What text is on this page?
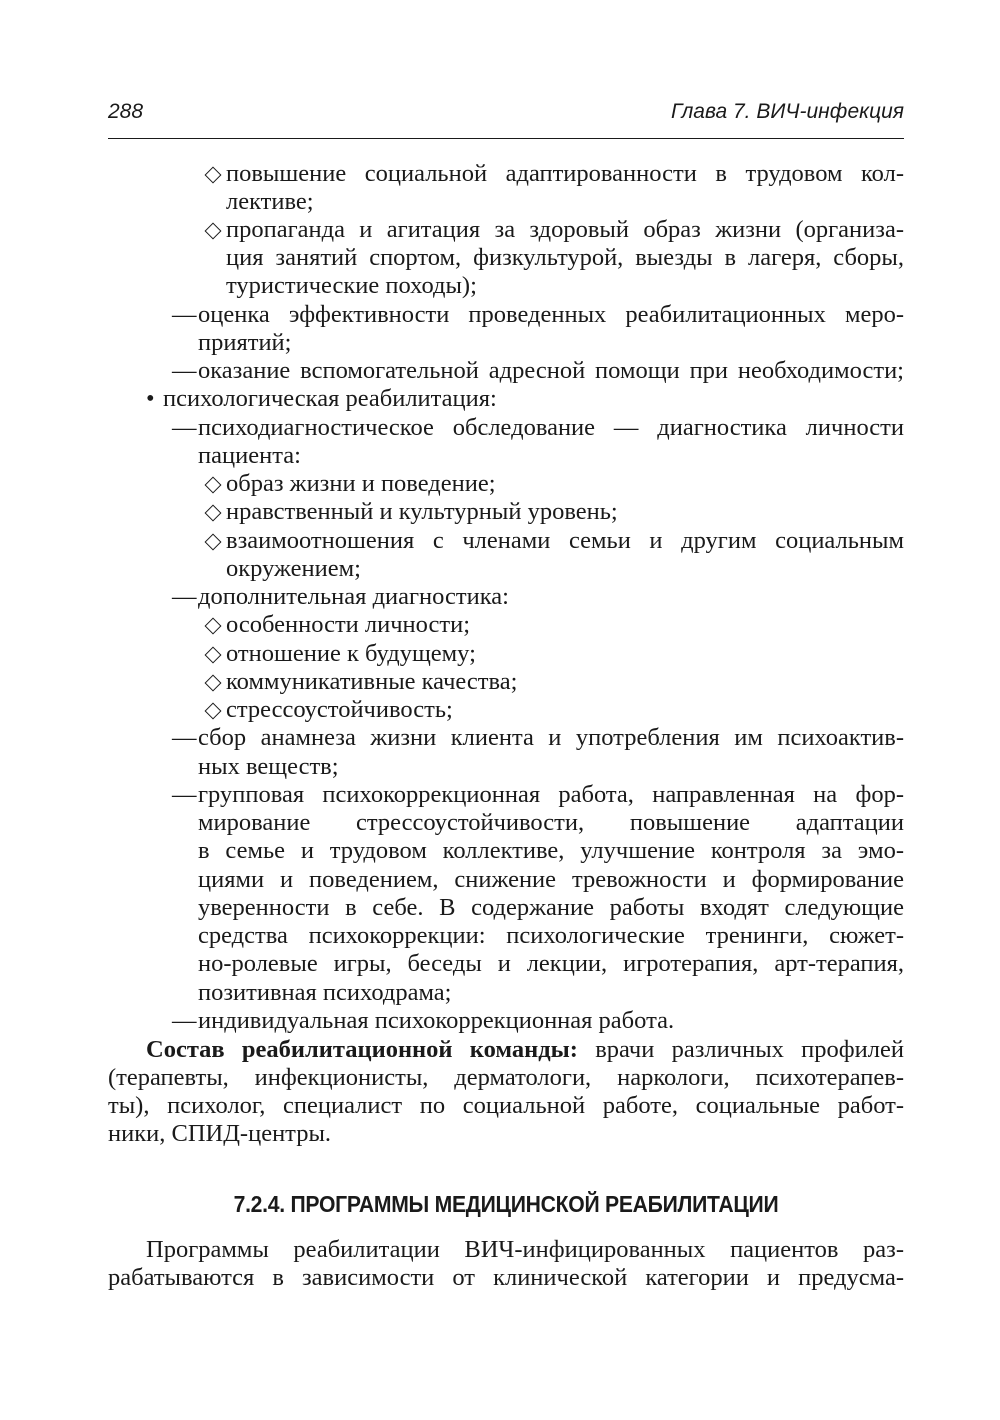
288	Глава 7. ВИЧ-инфекция
повышение социальной адаптированности в трудовом кол-
лективе;
пропаганда и агитация за здоровый образ жизни (организа-
ция занятий спортом, физкультурой, выезды в лагеря, сборы,
туристические походы);
— оценка эффективности проведенных реабилитационных меро-
приятий;
— оказание вспомогательной адресной помощи при необходимости;
• психологическая реабилитация:
— психодиагностическое обследование — диагностика личности
пациента:
образ жизни и поведение;
нравственный и культурный уровень;
взаимоотношения с членами семьи и другим социальным
окружением;
— дополнительная диагностика:
особенности личности;
отношение к будущему;
коммуникативные качества;
стрессоустойчивость;
— сбор анамнеза жизни клиента и употребления им психоактив-
ных веществ;
— групповая психокоррекционная работа, направленная на фор-
мирование стрессоустойчивости, повышение адаптации
в семье и трудовом коллективе, улучшение контроля за эмо-
циями и поведением, снижение тревожности и формирование
уверенности в себе. В содержание работы входят следующие
средства психокоррекции: психологические тренинги, сюжет-
но-ролевые игры, беседы и лекции, игротерапия, арт-терапия,
позитивная психодрама;
— индивидуальная психокоррекционная работа.
Состав реабилитационной команды: врачи различных профилей
(терапевты, инфекционисты, дерматологи, наркологи, психотерапев-
ты), психолог, специалист по социальной работе, социальные работ-
ники, СПИД-центры.
7.2.4. ПРОГРАММЫ МЕДИЦИНСКОЙ РЕАБИЛИТАЦИИ
Программы реабилитации ВИЧ-инфицированных пациентов раз-
рабатываются в зависимости от клинической категории и предусма-
